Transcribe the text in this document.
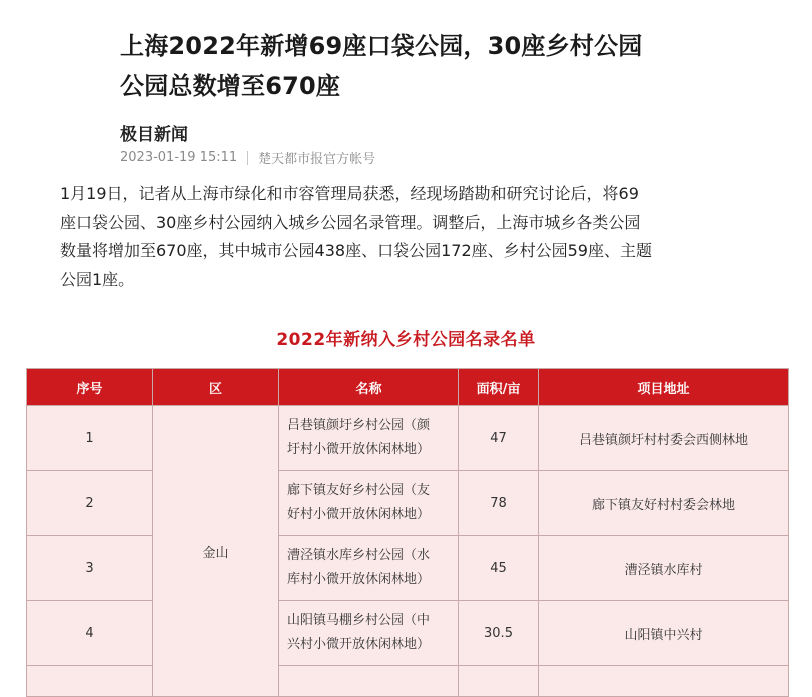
上海2022年新增69座口袋公园，30座乡村公园
公园总数增至670座
极目新闻
2023-01-19 15:11 楚天都市报官方帐号

1月19日，记者从上海市绿化和市容管理局获悉，经现场踏勘和研究讨论后，将69
座口袋公园、30座乡村公园纳入城乡公园名录管理。调整后，上海市城乡各类公园
数量将增加至670座，其中城市公园438座、口袋公园172座、乡村公园59座、主题
公园1座。

2022年新纳入乡村公园名录名单
序号	区	名称	面积/亩	项目地址
1	金山	吕巷镇颜圩乡村公园（颜
圩村小微开放休闲林地）	47	吕巷镇颜圩村村委会西侧林地
2		廊下镇友好乡村公园（友
好村小微开放休闲林地）	78	廊下镇友好村村委会林地
3		漕泾镇水库乡村公园（水
库村小微开放休闲林地）	45	漕泾镇水库村
4		山阳镇马棚乡村公园（中
兴村小微开放休闲林地）	30.5	山阳镇中兴村
